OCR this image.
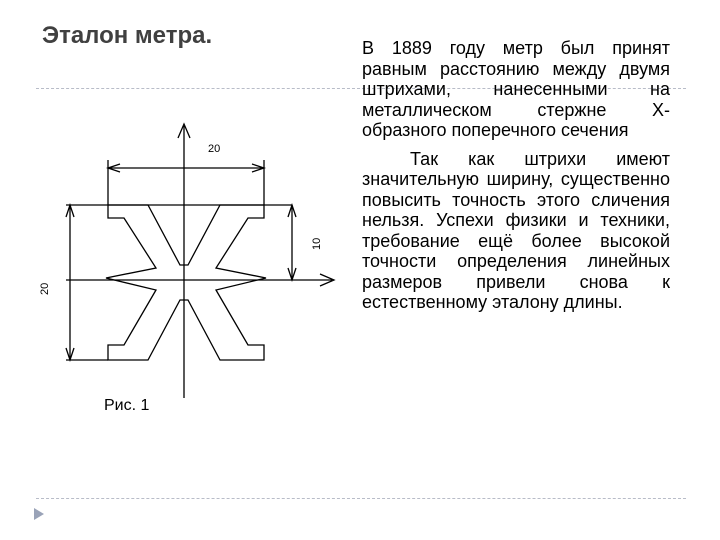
Эталон метра.	В 1889 году метр был принят равным расстоянию между двумя штрихами, нанесенными на металлическом стержне Х-образного поперечного сечения

Так как штрихи имеют значительную ширину, существенно повысить точность этого сличения нельзя. Успехи физики и техники, требование ещё более высокой точности определения линейных размеров привели снова к естественному эталону длины.

20
10
20
Рис. 1
